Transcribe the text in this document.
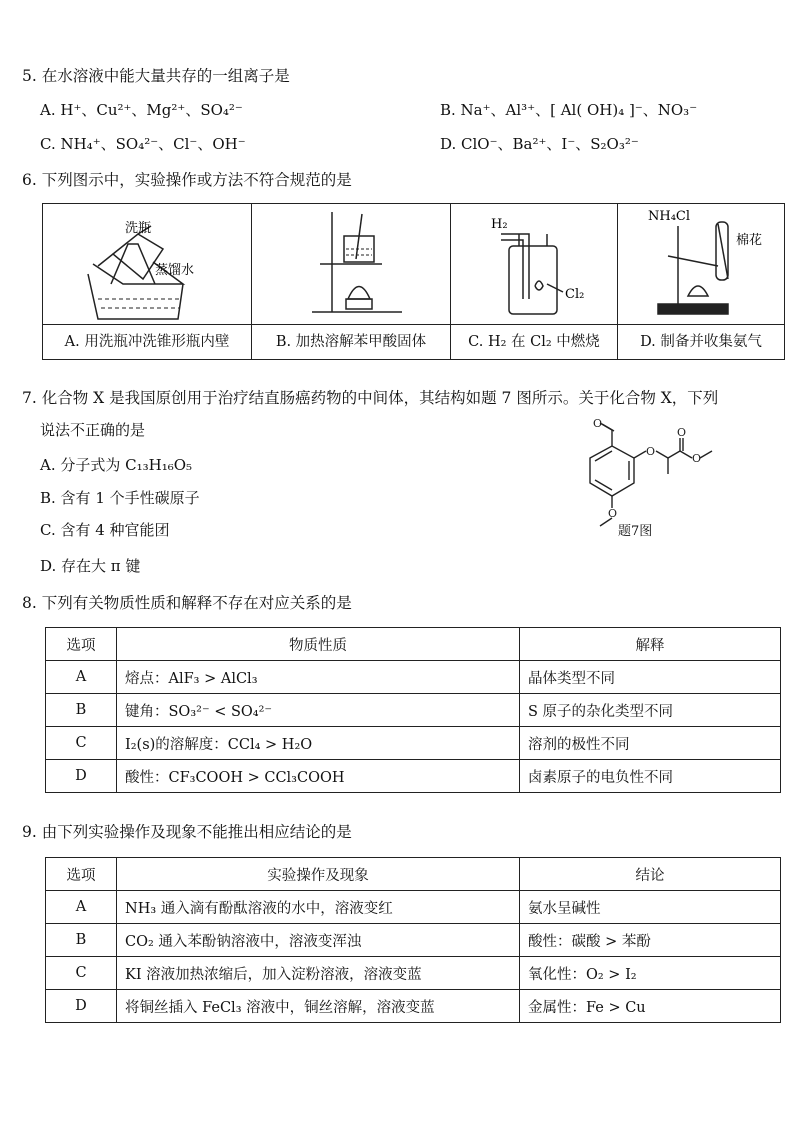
5. 在水溶液中能大量共存的一组离子是
A. H⁺、Cu²⁺、Mg²⁺、SO₄²⁻	B. Na⁺、Al³⁺、[ Al( OH)₄ ]⁻、NO₃⁻
C. NH₄⁺、SO₄²⁻、Cl⁻、OH⁻	D. ClO⁻、Ba²⁺、I⁻、S₂O₃²⁻
6. 下列图示中，实验操作或方法不符合规范的是
洗瓶
蒸馏水
A. 用洗瓶冲洗锥形瓶内壁	B. 加热溶解苯甲酸固体

H₂
Cl₂
C. H₂ 在 Cl₂ 中燃烧

NH₄Cl
棉花
D. 制备并收集氨气
7. 化合物 X 是我国原创用于治疗结直肠癌药物的中间体，其结构如题 7 图所示。关于化合物 X，下列
说法不正确的是
A. 分子式为 C₁₃H₁₆O₅
B. 含有 1 个手性碳原子
C. 含有 4 种官能团
D. 存在大 π 键
O
O
O
O
O
题7图
8. 下列有关物质性质和解释不存在对应关系的是
选项	物质性质	解释
A	熔点：AlF₃ > AlCl₃	晶体类型不同
B	键角：SO₃²⁻ < SO₄²⁻	S 原子的杂化类型不同
C	I₂(s)的溶解度：CCl₄ > H₂O	溶剂的极性不同
D	酸性：CF₃COOH > CCl₃COOH	卤素原子的电负性不同
9. 由下列实验操作及现象不能推出相应结论的是
选项	实验操作及现象	结论
A	NH₃ 通入滴有酚酞溶液的水中，溶液变红	氨水呈碱性
B	CO₂ 通入苯酚钠溶液中，溶液变浑浊	酸性：碳酸 > 苯酚
C	KI 溶液加热浓缩后，加入淀粉溶液，溶液变蓝	氧化性：O₂ > I₂
D	将铜丝插入 FeCl₃ 溶液中，铜丝溶解，溶液变蓝	金属性：Fe > Cu
